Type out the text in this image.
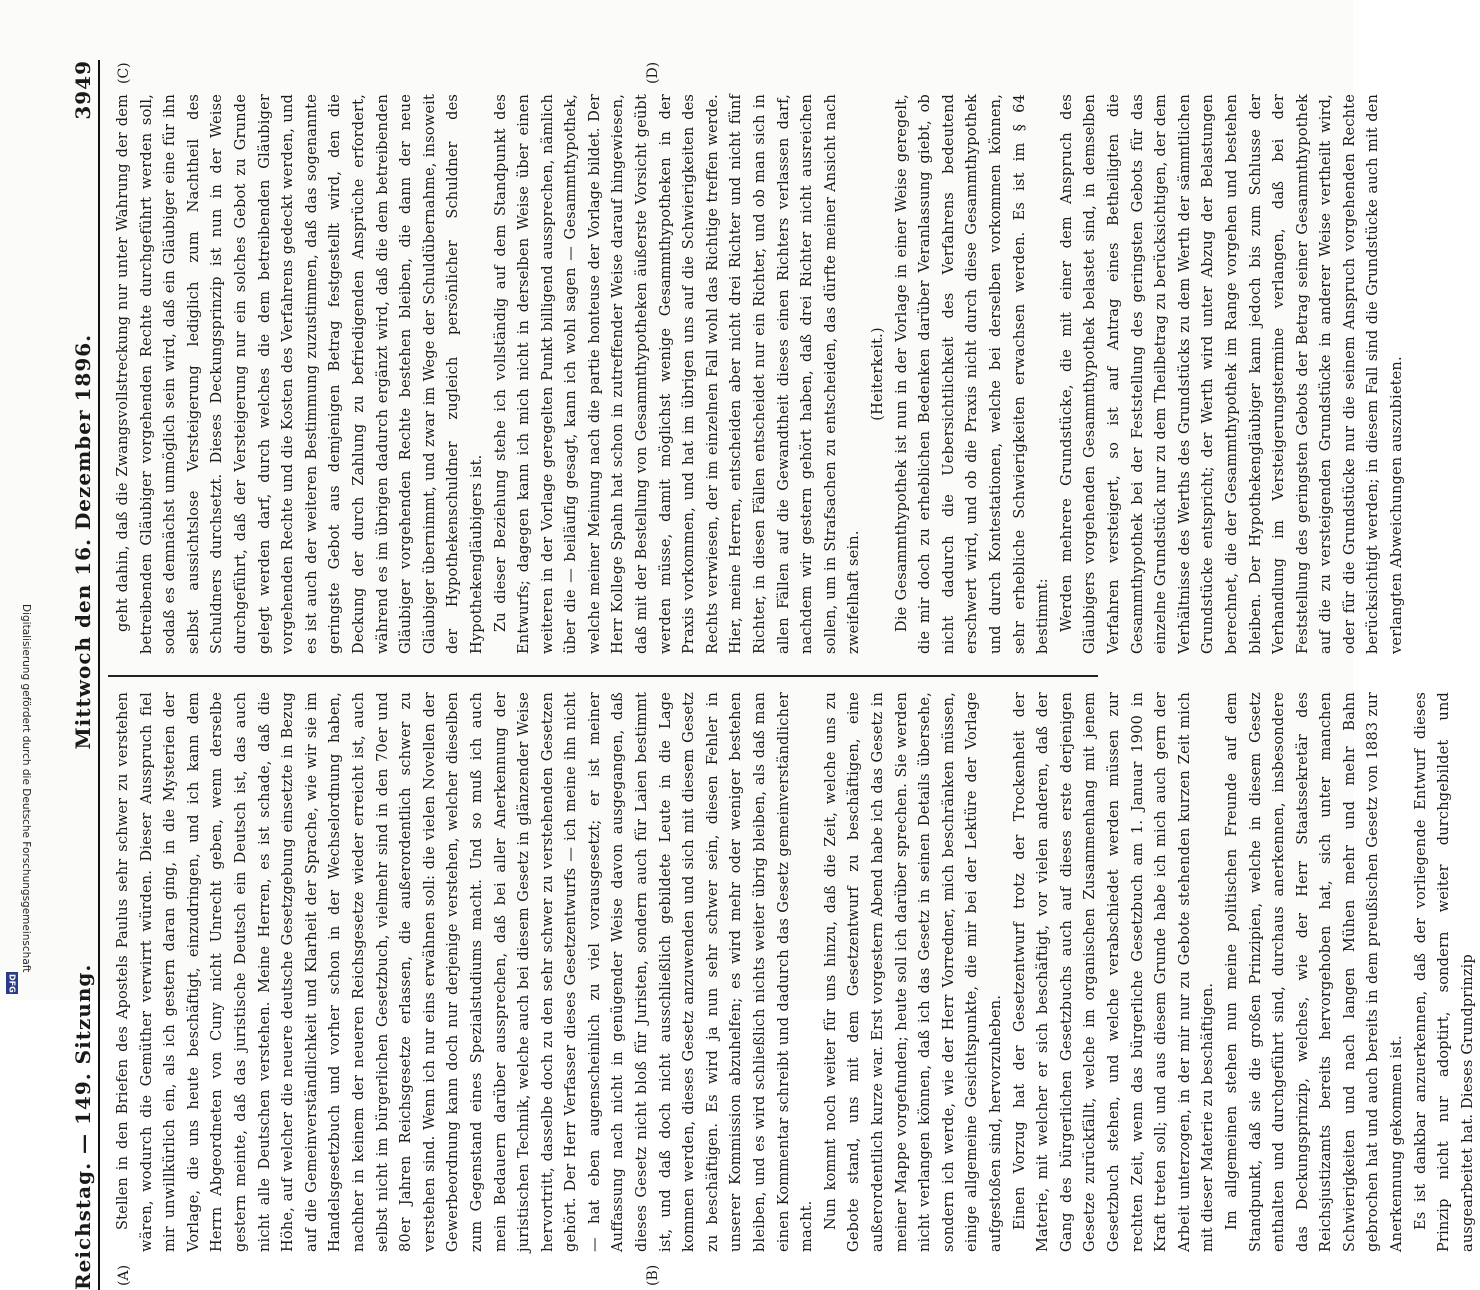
Reichstag. — 149. Sitzung.
Mittwoch den 16. Dezember 1896.
3949
(A)	(B)
(C)	(D)

Stellen in den Briefen des Apostels Paulus sehr schwer zu verstehen wären, wodurch die Gemüther verwirrt würden. Dieser Ausspruch fiel mir unwillkürlich ein, als ich gestern daran ging, in die Mysterien der Vorlage, die uns heute beschäftigt, einzudringen, und ich kann dem Herrn Abgeordneten von Cuny nicht Unrecht geben, wenn derselbe gestern meinte, daß das juristische Deutsch ein Deutsch ist, das auch nicht alle Deutschen verstehen. Meine Herren, es ist schade, daß die Höhe, auf welcher die neuere deutsche Gesetzgebung einsetzte in Bezug auf die Gemeinverständlichkeit und Klarheit der Sprache, wie wir sie im Handelsgesetzbuch und vorher schon in der Wechselordnung haben, nachher in keinem der neueren Reichsgesetze wieder erreicht ist, auch selbst nicht im bürgerlichen Gesetzbuch, vielmehr sind in den 70er und 80er Jahren Reichsgesetze erlassen, die außerordentlich schwer zu verstehen sind. Wenn ich nur eins erwähnen soll: die vielen Novellen der Gewerbeordnung kann doch nur derjenige verstehen, welcher dieselben zum Gegenstand eines Spezialstudiums macht. Und so muß ich auch mein Bedauern darüber aussprechen, daß bei aller Anerkennung der juristischen Technik, welche auch bei diesem Gesetz in glänzender Weise hervortritt, dasselbe doch zu den sehr schwer zu verstehenden Gesetzen gehört. Der Herr Verfasser dieses Gesetzentwurfs — ich meine ihn nicht — hat eben augenscheinlich zu viel vorausgesetzt; er ist meiner Auffassung nach nicht in genügender Weise davon ausgegangen, daß dieses Gesetz nicht bloß für Juristen, sondern auch für Laien bestimmt ist, und daß doch nicht ausschließlich gebildete Leute in die Lage kommen werden, dieses Gesetz anzuwenden und sich mit diesem Gesetz zu beschäftigen. Es wird ja nun sehr schwer sein, diesen Fehler in unserer Kommission abzuhelfen; es wird mehr oder weniger bestehen bleiben, und es wird schließlich nichts weiter übrig bleiben, als daß man einen Kommentar schreibt und dadurch das Gesetz gemeinverständlicher macht. Nun kommt noch weiter für uns hinzu, daß die Zeit, welche uns zu Gebote stand, uns mit dem Gesetzentwurf zu beschäftigen, eine außerordentlich kurze war. Erst vorgestern Abend habe ich das Gesetz in meiner Mappe vorgefunden; heute soll ich darüber sprechen. Sie werden nicht verlangen können, daß ich das Gesetz in seinen Details übersehe, sondern ich werde, wie der Herr Vorredner, mich beschränken müssen, einige allgemeine Gesichtspunkte, die mir bei der Lektüre der Vorlage aufgestoßen sind, hervorzuheben. Einen Vorzug hat der Gesetzentwurf trotz der Trockenheit der Materie, mit welcher er sich beschäftigt, vor vielen anderen, daß der Gang des bürgerlichen Gesetzbuchs auch auf dieses erste derjenigen Gesetze zurückfällt, welche im organischen Zusammenhang mit jenem Gesetzbuch stehen, und welche verabschiedet werden müssen zur rechten Zeit, wenn das bürgerliche Gesetzbuch am 1. Januar 1900 in Kraft treten soll; und aus diesem Grunde habe ich mich auch gern der Arbeit unterzogen, in der mir nur zu Gebote stehenden kurzen Zeit mich mit dieser Materie zu beschäftigen. Im allgemeinen stehen nun meine politischen Freunde auf dem Standpunkt, daß sie die großen Prinzipien, welche in diesem Gesetz enthalten und durchgeführt sind, durchaus anerkennen, insbesondere das Deckungsprinzip, welches, wie der Herr Staatssekretär des Reichsjustizamts bereits hervorgehoben hat, sich unter manchen Schwierigkeiten und nach langen Mühen mehr und mehr Bahn gebrochen hat und auch bereits in dem preußischen Gesetz von 1883 zur Anerkennung gekommen ist. Es ist dankbar anzuerkennen, daß der vorliegende Entwurf dieses Prinzip nicht nur adoptirt, sondern weiter durchgebildet und ausgearbeitet hat. Dieses Grundprinzip

geht dahin, daß die Zwangsvollstreckung nur unter Wahrung der dem betreibenden Gläubiger vorgehenden Rechte durchgeführt werden soll, sodaß es demnächst unmöglich sein wird, daß ein Gläubiger eine für ihn selbst aussichtslose Versteigerung lediglich zum Nachtheil des Schuldners durchsetzt. Dieses Deckungsprinzip ist nun in der Weise durchgeführt, daß der Versteigerung nur ein solches Gebot zu Grunde gelegt werden darf, durch welches die dem betreibenden Gläubiger vorgehenden Rechte und die Kosten des Verfahrens gedeckt werden, und es ist auch der weiteren Bestimmung zuzustimmen, daß das sogenannte geringste Gebot aus demjenigen Betrag festgestellt wird, den die Deckung der durch Zahlung zu befriedigenden Ansprüche erfordert, während es im übrigen dadurch ergänzt wird, daß die dem betreibenden Gläubiger vorgehenden Rechte bestehen bleiben, die dann der neue Gläubiger übernimmt, und zwar im Wege der Schuldübernahme, insoweit der Hypothekenschuldner zugleich persönlicher Schuldner des Hypothekengläubigers ist. Zu dieser Beziehung stehe ich vollständig auf dem Standpunkt des Entwurfs; dagegen kann ich mich nicht in derselben Weise über einen weiteren in der Vorlage geregelten Punkt billigend aussprechen, nämlich über die — beiläufig gesagt, kann ich wohl sagen — Gesammthypothek, welche meiner Meinung nach die partie honteuse der Vorlage bildet. Der Herr Kollege Spahn hat schon in zutreffender Weise darauf hingewiesen, daß mit der Bestellung von Gesammthypotheken äußerste Vorsicht geübt werden müsse, damit möglichst wenige Gesammthypotheken in der Praxis vorkommen, und hat im übrigen uns auf die Schwierigkeiten des Rechts verwiesen, der im einzelnen Fall wohl das Richtige treffen werde. Hier, meine Herren, entscheiden aber nicht drei Richter und nicht fünf Richter, in diesen Fällen entscheidet nur ein Richter, und ob man sich in allen Fällen auf die Gewandtheit dieses einen Richters verlassen darf, nachdem wir gestern gehört haben, daß drei Richter nicht ausreichen sollen, um in Strafsachen zu entscheiden, das dürfte meiner Ansicht nach zweifelhaft sein.

(Heiterkeit.) Die Gesammthypothek ist nun in der Vorlage in einer Weise geregelt, die mir doch zu erheblichen Bedenken darüber Veranlassung giebt, ob nicht dadurch die Uebersichtlichkeit des Verfahrens bedeutend erschwert wird, und ob die Praxis nicht durch diese Gesammthypothek und durch Kontestationen, welche bei derselben vorkommen können, sehr erhebliche Schwierigkeiten erwachsen werden. Es ist im § 64 bestimmt: Werden mehrere Grundstücke, die mit einer dem Anspruch des Gläubigers vorgehenden Gesammthypothek belastet sind, in demselben Verfahren versteigert, so ist auf Antrag eines Betheiligten die Gesammthypothek bei der Feststellung des geringsten Gebots für das einzelne Grundstück nur zu dem Theilbetrag zu berücksichtigen, der dem Verhältnisse des Werths des Grundstücks zu dem Werth der sämmtlichen Grundstücke entspricht; der Werth wird unter Abzug der Belastungen berechnet, die der Gesammthypothek im Range vorgehen und bestehen bleiben. Der Hypothekengläubiger kann jedoch bis zum Schlusse der Verhandlung im Versteigerungstermine verlangen, daß bei der Feststellung des geringsten Gebots der Betrag seiner Gesammthypothek auf die zu versteigenden Grundstücke in anderer Weise vertheilt wird, oder für die Grundstücke nur die seinem Anspruch vorgehenden Rechte berücksichtigt werden; in diesem Fall sind die Grundstücke auch mit den verlangten Abweichungen auszubieten.

Digitalisierung gefördert durch die Deutsche Forschungsgemeinschaft
DFG
